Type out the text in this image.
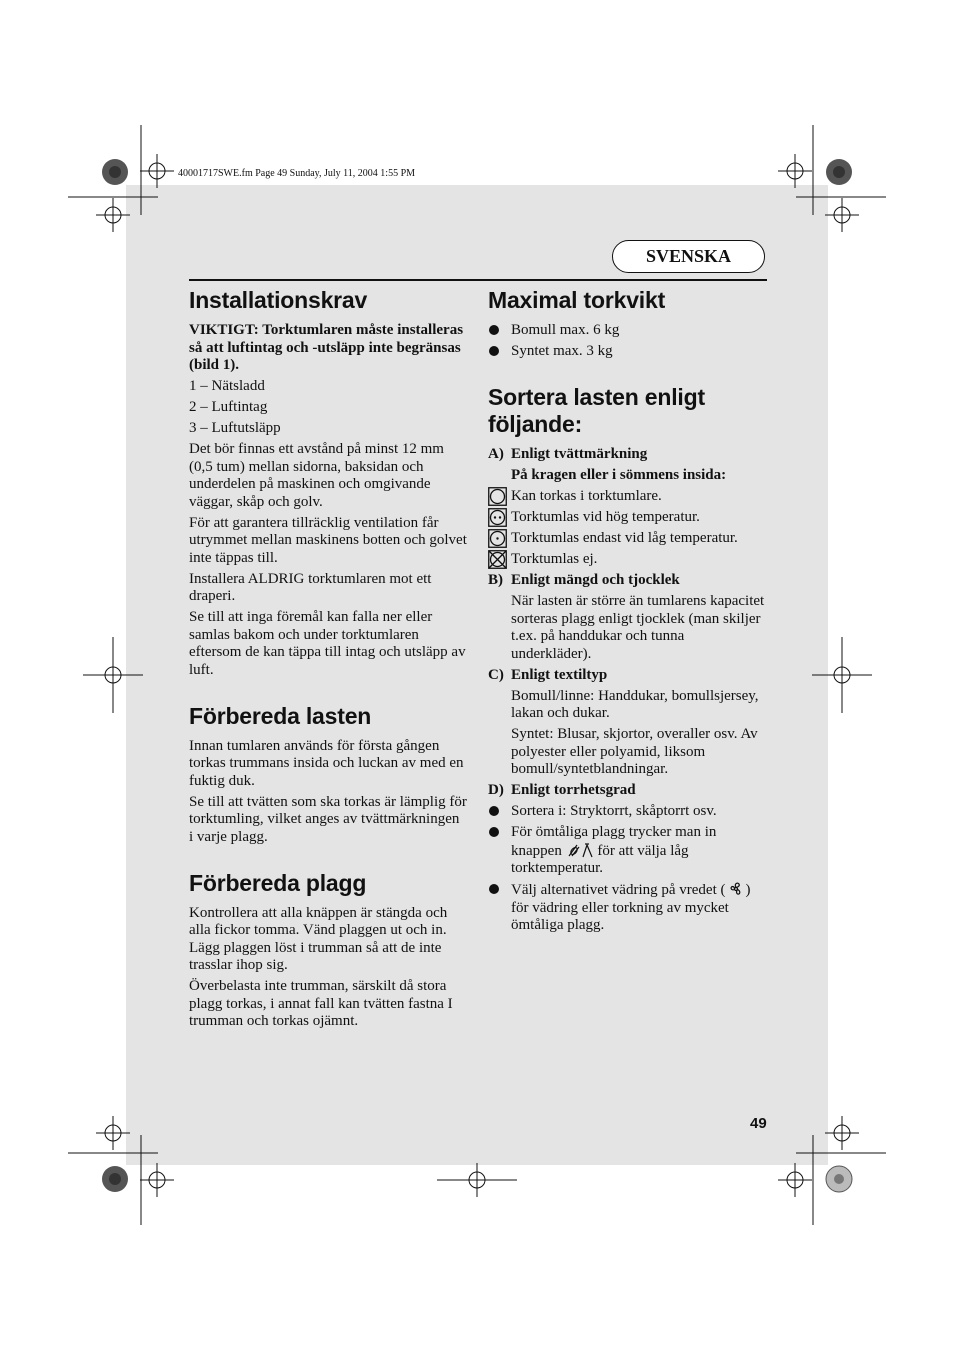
40001717SWE.fm Page 49 Sunday, July 11, 2004 1:55 PM
SVENSKA
Installationskrav

VIKTIGT: Torktumlaren måste installeras så att luftintag och -utsläpp inte begränsas (bild 1).

1 – Nätsladd

2 – Luftintag

3 – Luftutsläpp

Det bör finnas ett avstånd på minst 12 mm (0,5 tum) mellan sidorna, baksidan och underdelen på maskinen och omgivande väggar, skåp och golv.

För att garantera tillräcklig ventilation får utrymmet mellan maskinens botten och golvet inte täppas till.

Installera ALDRIG torktumlaren mot ett draperi.

Se till att inga föremål kan falla ner eller samlas bakom och under torktumlaren eftersom de kan täppa till intag och utsläpp av luft.

Förbereda lasten

Innan tumlaren används för första gången torkas trummans insida och luckan av med en fuktig duk.

Se till att tvätten som ska torkas är lämplig för torktumling, vilket anges av tvättmärkningen i varje plagg.

Förbereda plagg

Kontrollera att alla knäppen är stängda och alla fickor tomma. Vänd plaggen ut och in. Lägg plaggen löst i trumman så att de inte trasslar ihop sig.

Överbelasta inte trumman, särskilt då stora plagg torkas, i annat fall kan tvätten fastna I trumman och torkas ojämnt.

Maximal torkvikt
Bomull max. 6 kg
Syntet max. 3 kg
Sortera lasten enligt följande:
A) Enligt tvättmärkning
På kragen eller i sömmens insida:
Kan torkas i torktumlare.
Torktumlas vid hög temperatur.
Torktumlas endast vid låg temperatur.
Torktumlas ej.
B) Enligt mängd och tjocklek
När lasten är större än tumlarens kapacitet sorteras plagg enligt tjocklek (man skiljer t.ex. på handdukar och tunna underkläder).
C) Enligt textiltyp
Bomull/linne: Handdukar, bomullsjersey, lakan och dukar.
Syntet: Blusar, skjortor, overaller osv. Av polyester eller polyamid, liksom bomull/syntetblandningar.
D) Enligt torrhetsgrad
Sortera i: Stryktorrt, skåptorrt osv.
För ömtåliga plagg trycker man in knappen för att välja låg torktemperatur.
Välj alternativet vädring på vredet ( ) för vädring eller torkning av mycket ömtåliga plagg.
49
